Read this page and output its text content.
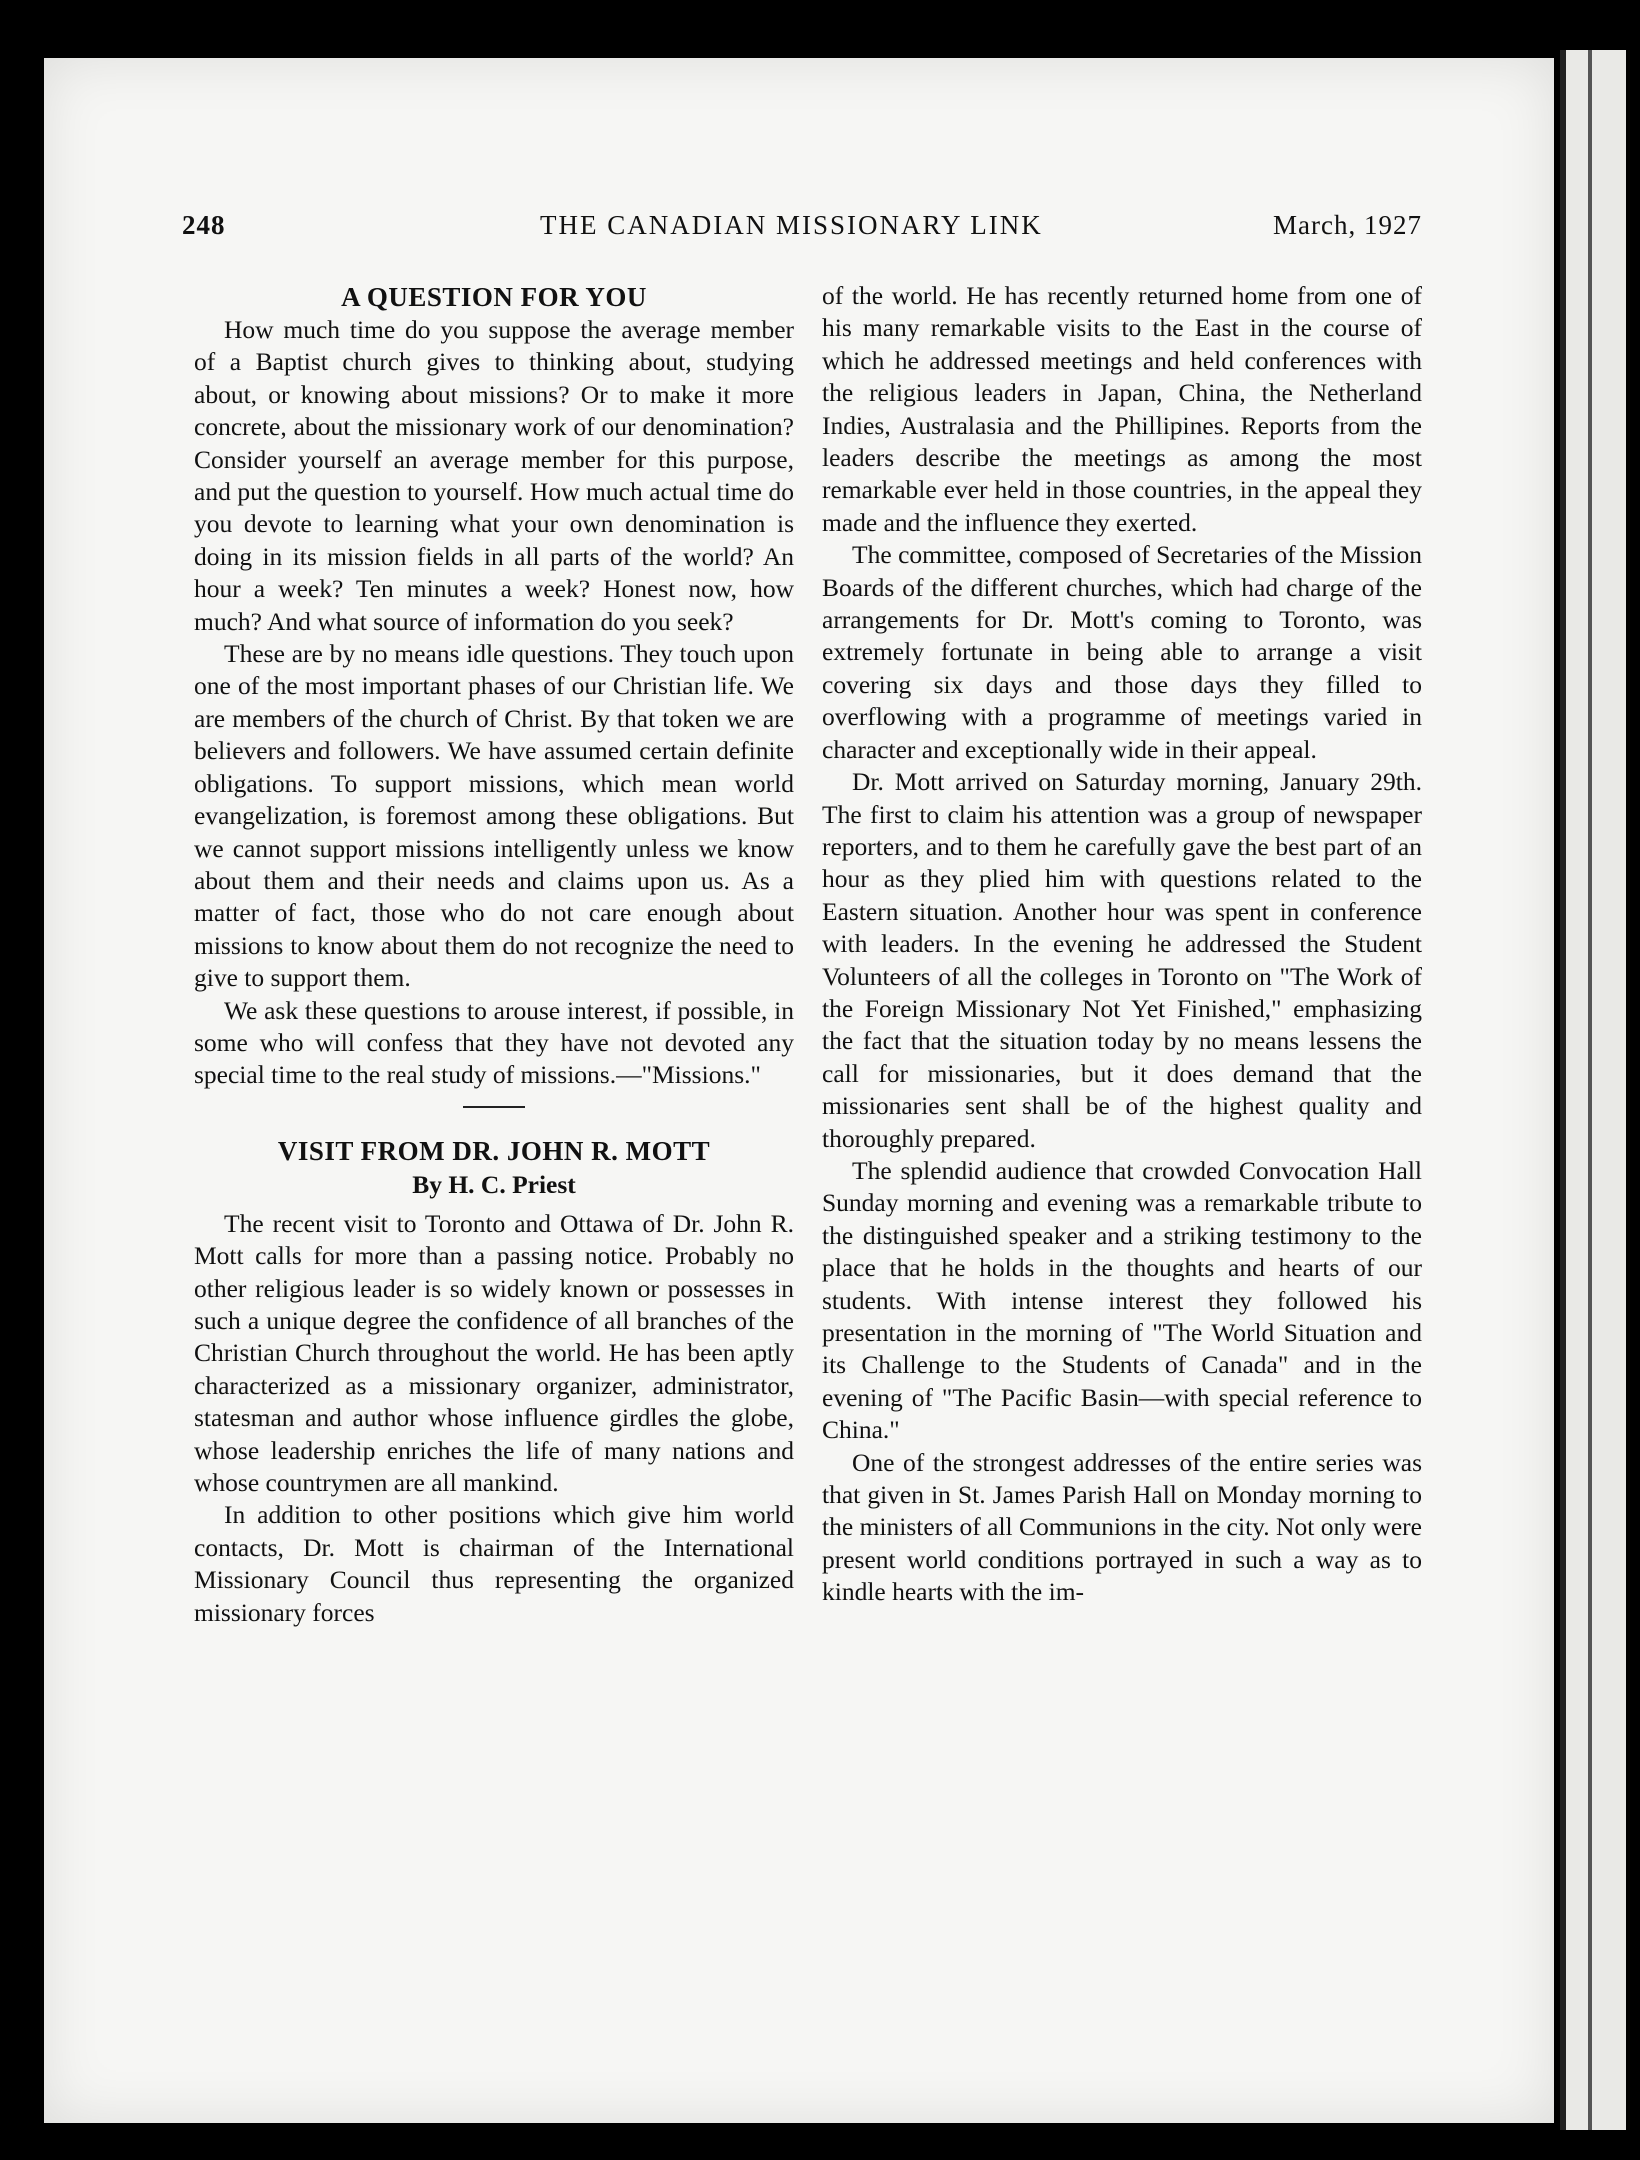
248	THE CANADIAN MISSIONARY LINK	March, 1927
A QUESTION FOR YOU

How much time do you suppose the average member of a Baptist church gives to thinking about, studying about, or knowing about missions? Or to make it more concrete, about the missionary work of our denomination? Consider yourself an average member for this purpose, and put the question to yourself. How much actual time do you devote to learning what your own denomination is doing in its mission fields in all parts of the world? An hour a week? Ten minutes a week? Honest now, how much? And what source of information do you seek?

These are by no means idle questions. They touch upon one of the most important phases of our Christian life. We are members of the church of Christ. By that token we are believers and followers. We have assumed certain definite obligations. To support missions, which mean world evangelization, is foremost among these obligations. But we cannot support missions intelligently unless we know about them and their needs and claims upon us. As a matter of fact, those who do not care enough about missions to know about them do not recognize the need to give to support them.

We ask these questions to arouse interest, if possible, in some who will confess that they have not devoted any special time to the real study of missions.—"Missions."

VISIT FROM DR. JOHN R. MOTT
By H. C. Priest

The recent visit to Toronto and Ottawa of Dr. John R. Mott calls for more than a passing notice. Probably no other religious leader is so widely known or possesses in such a unique degree the confidence of all branches of the Christian Church throughout the world. He has been aptly characterized as a missionary organizer, administrator, statesman and author whose influence girdles the globe, whose leadership enriches the life of many nations and whose countrymen are all mankind.

In addition to other positions which give him world contacts, Dr. Mott is chairman of the International Missionary Council thus representing the organized missionary forces

of the world. He has recently returned home from one of his many remarkable visits to the East in the course of which he addressed meetings and held conferences with the religious leaders in Japan, China, the Netherland Indies, Australasia and the Phillipines. Reports from the leaders describe the meetings as among the most remarkable ever held in those countries, in the appeal they made and the influence they exerted.

The committee, composed of Secretaries of the Mission Boards of the different churches, which had charge of the arrangements for Dr. Mott's coming to Toronto, was extremely fortunate in being able to arrange a visit covering six days and those days they filled to overflowing with a programme of meetings varied in character and exceptionally wide in their appeal.

Dr. Mott arrived on Saturday morning, January 29th. The first to claim his attention was a group of newspaper reporters, and to them he carefully gave the best part of an hour as they plied him with questions related to the Eastern situation. Another hour was spent in conference with leaders. In the evening he addressed the Student Volunteers of all the colleges in Toronto on "The Work of the Foreign Missionary Not Yet Finished," emphasizing the fact that the situation today by no means lessens the call for missionaries, but it does demand that the missionaries sent shall be of the highest quality and thoroughly prepared.

The splendid audience that crowded Convocation Hall Sunday morning and evening was a remarkable tribute to the distinguished speaker and a striking testimony to the place that he holds in the thoughts and hearts of our students. With intense interest they followed his presentation in the morning of "The World Situation and its Challenge to the Students of Canada" and in the evening of "The Pacific Basin—with special reference to China."

One of the strongest addresses of the entire series was that given in St. James Parish Hall on Monday morning to the ministers of all Communions in the city. Not only were present world conditions portrayed in such a way as to kindle hearts with the im-
